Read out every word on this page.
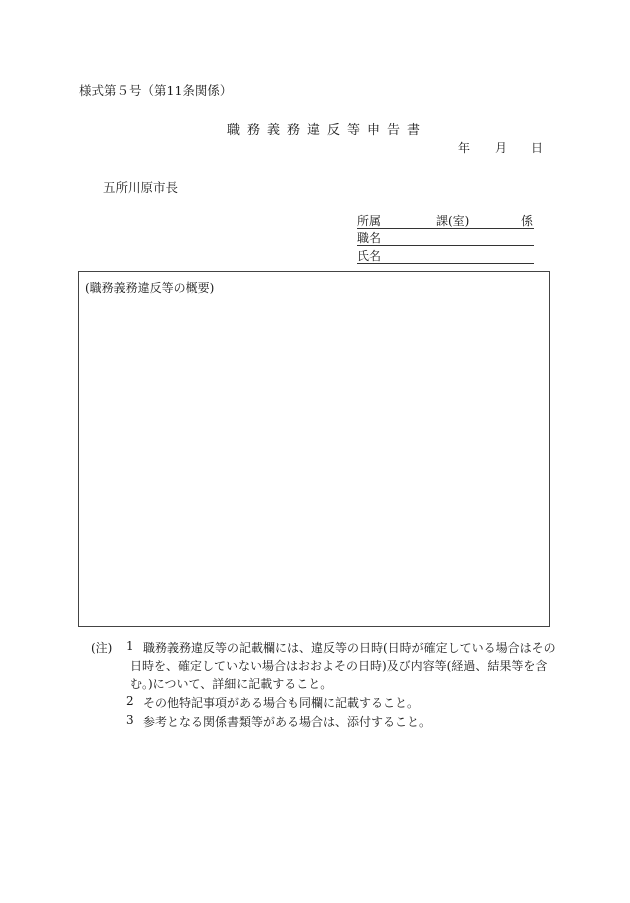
様式第５号（第11条関係）
職務義務違反等申告書
年 月 日
五所川原市長
所属	課(室)	係
職名
氏名
(職務義務違反等の概要)
(注) 1 職務義務違反等の記載欄には、違反等の日時(日時が確定している場合はその
日時を、確定していない場合はおおよその日時)及び内容等(経過、結果等を含
む。)について、詳細に記載すること。
2 その他特記事項がある場合も同欄に記載すること。
3 参考となる関係書類等がある場合は、添付すること。
